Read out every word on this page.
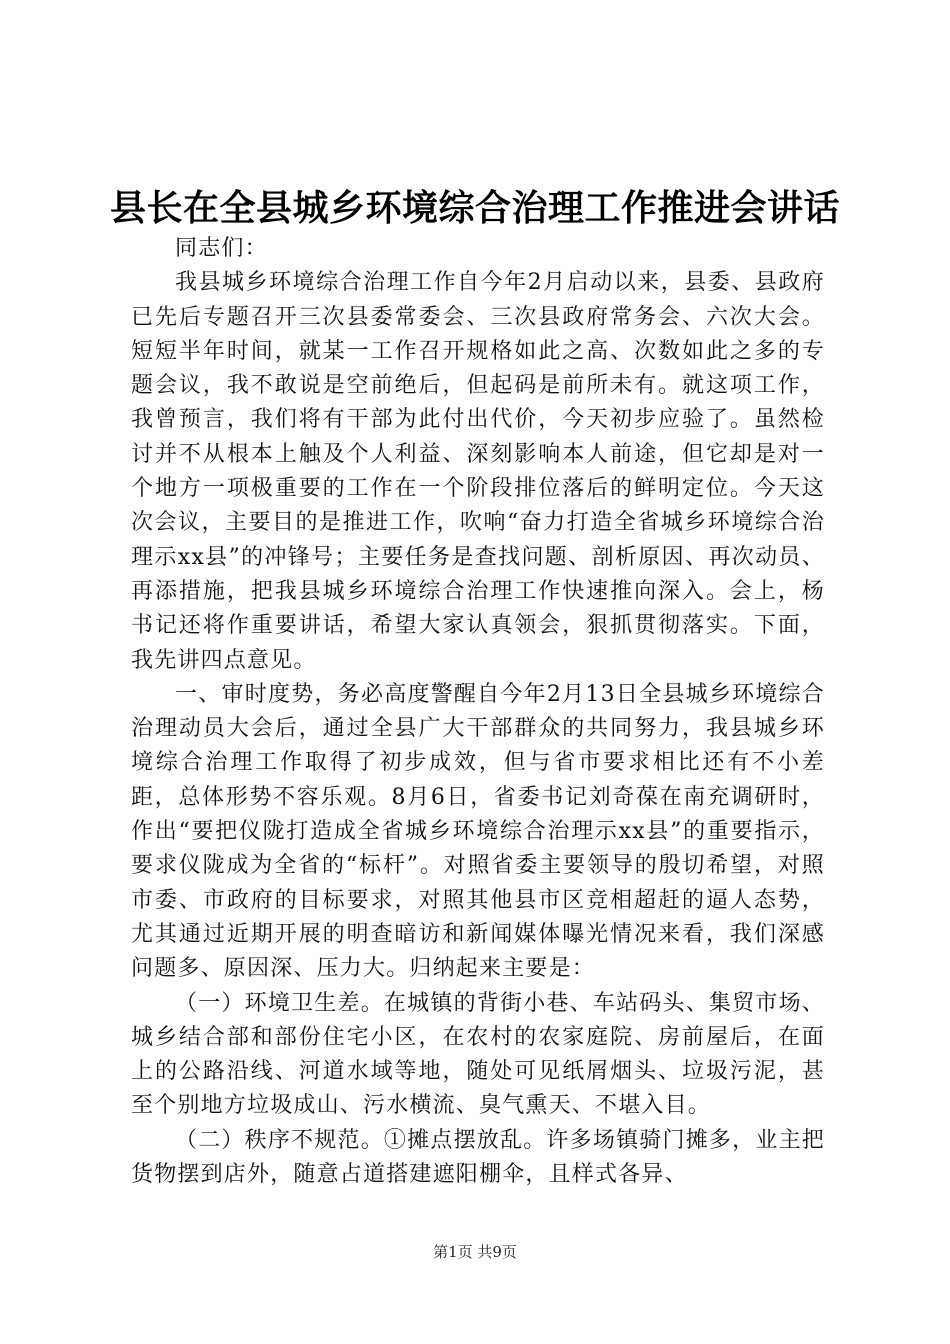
县长在全县城乡环境综合治理工作推进会讲话

同志们：

我县城乡环境综合治理工作自今年2月启动以来，县委、县政府已先后专题召开三次县委常委会、三次县政府常务会、六次大会。短短半年时间，就某一工作召开规格如此之高、次数如此之多的专题会议，我不敢说是空前绝后，但起码是前所未有。就这项工作，我曾预言，我们将有干部为此付出代价，今天初步应验了。虽然检讨并不从根本上触及个人利益、深刻影响本人前途，但它却是对一个地方一项极重要的工作在一个阶段排位落后的鲜明定位。今天这次会议，主要目的是推进工作，吹响“奋力打造全省城乡环境综合治理示xx县”的冲锋号；主要任务是查找问题、剖析原因、再次动员、再添措施，把我县城乡环境综合治理工作快速推向深入。会上，杨书记还将作重要讲话，希望大家认真领会，狠抓贯彻落实。下面，我先讲四点意见。

一、审时度势，务必高度警醒自今年2月13日全县城乡环境综合治理动员大会后，通过全县广大干部群众的共同努力，我县城乡环境综合治理工作取得了初步成效，但与省市要求相比还有不小差距，总体形势不容乐观。8月6日，省委书记刘奇葆在南充调研时，作出“要把仪陇打造成全省城乡环境综合治理示xx县”的重要指示，要求仪陇成为全省的“标杆”。对照省委主要领导的殷切希望，对照市委、市政府的目标要求，对照其他县市区竞相超赶的逼人态势，尤其通过近期开展的明查暗访和新闻媒体曝光情况来看，我们深感问题多、原因深、压力大。归纳起来主要是：

（一）环境卫生差。在城镇的背街小巷、车站码头、集贸市场、城乡结合部和部份住宅小区，在农村的农家庭院、房前屋后，在面上的公路沿线、河道水域等地，随处可见纸屑烟头、垃圾污泥，甚至个别地方垃圾成山、污水横流、臭气熏天、不堪入目。

（二）秩序不规范。①摊点摆放乱。许多场镇骑门摊多，业主把货物摆到店外，随意占道搭建遮阳棚伞，且样式各异、

第1页 共9页
